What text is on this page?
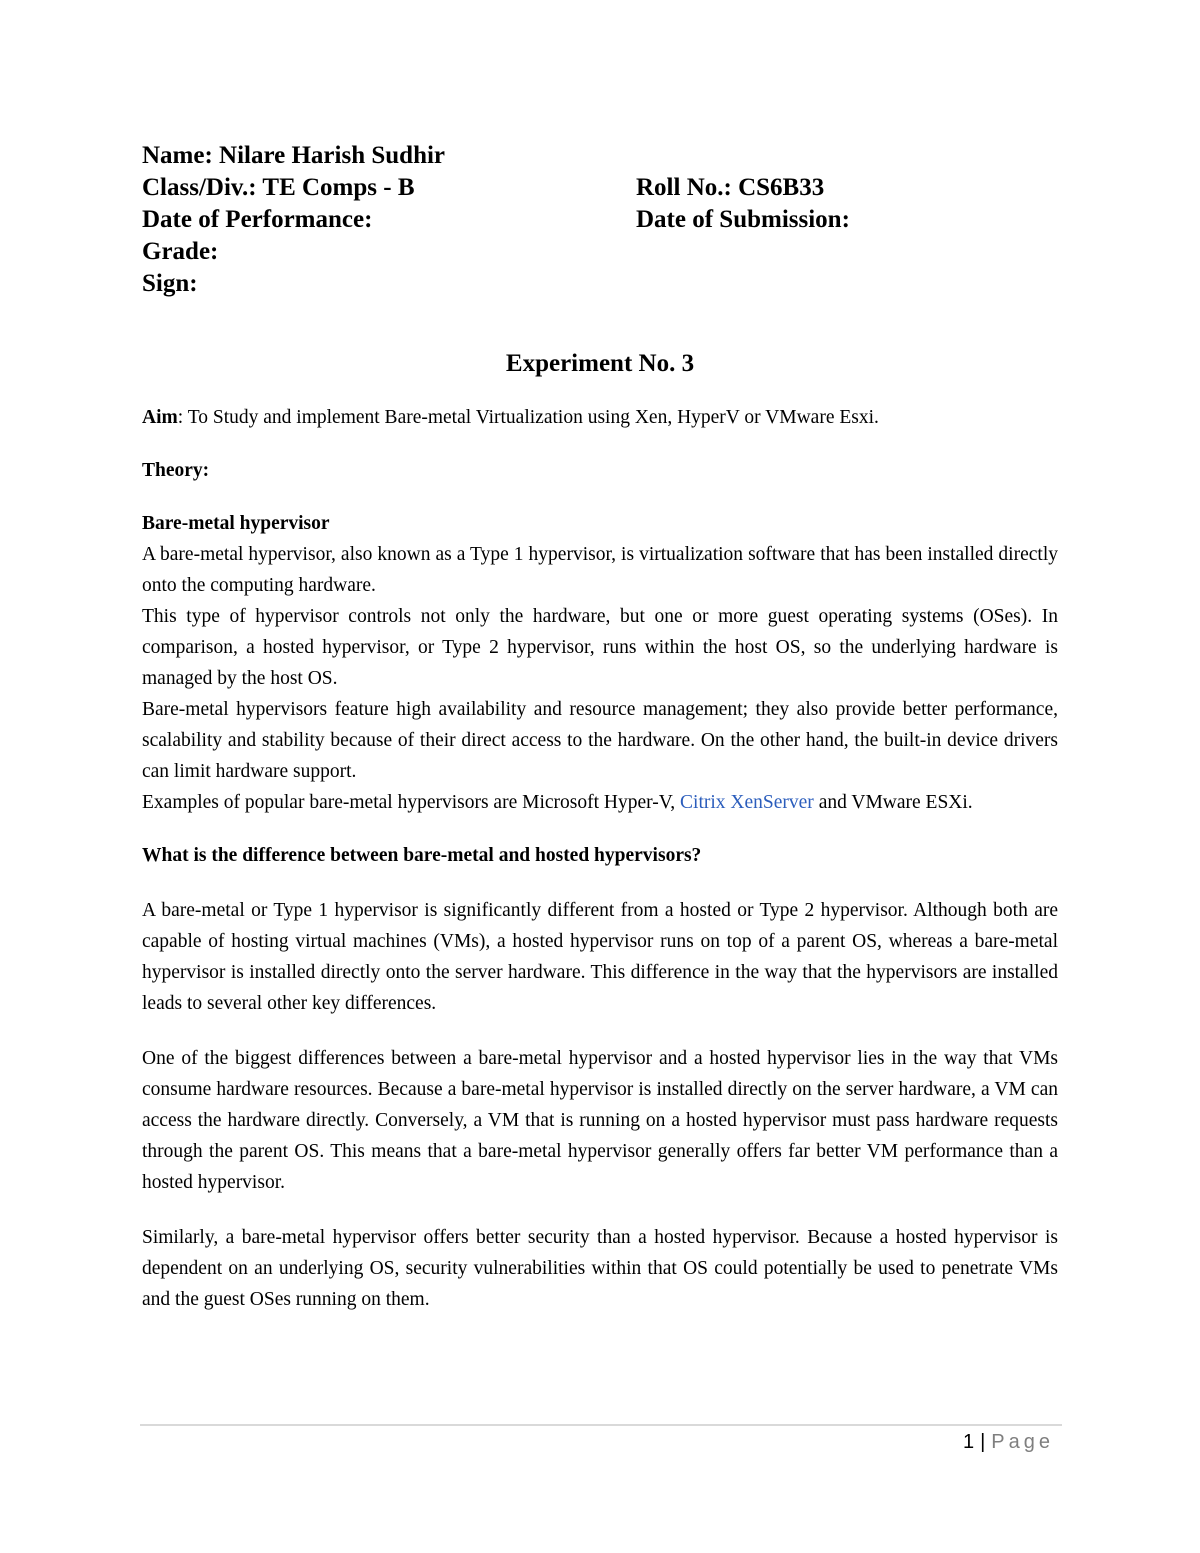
Name: Nilare Harish Sudhir
Class/Div.: TE Comps - B	Roll No.: CS6B33
Date of Performance:	Date of Submission:
Grade:
Sign:
Experiment No. 3
Aim: To Study and implement Bare-metal Virtualization using Xen, HyperV or VMware Esxi.
Theory:
Bare-metal hypervisor
A bare-metal hypervisor, also known as a Type 1 hypervisor, is virtualization software that has been installed directly onto the computing hardware.
This type of hypervisor controls not only the hardware, but one or more guest operating systems (OSes). In comparison, a hosted hypervisor, or Type 2 hypervisor, runs within the host OS, so the underlying hardware is managed by the host OS.
Bare-metal hypervisors feature high availability and resource management; they also provide better performance, scalability and stability because of their direct access to the hardware. On the other hand, the built-in device drivers can limit hardware support.
Examples of popular bare-metal hypervisors are Microsoft Hyper-V, Citrix XenServer and VMware ESXi.
What is the difference between bare-metal and hosted hypervisors?
A bare-metal or Type 1 hypervisor is significantly different from a hosted or Type 2 hypervisor. Although both are capable of hosting virtual machines (VMs), a hosted hypervisor runs on top of a parent OS, whereas a bare-metal hypervisor is installed directly onto the server hardware. This difference in the way that the hypervisors are installed leads to several other key differences.
One of the biggest differences between a bare-metal hypervisor and a hosted hypervisor lies in the way that VMs consume hardware resources. Because a bare-metal hypervisor is installed directly on the server hardware, a VM can access the hardware directly. Conversely, a VM that is running on a hosted hypervisor must pass hardware requests through the parent OS. This means that a bare-metal hypervisor generally offers far better VM performance than a hosted hypervisor.
Similarly, a bare-metal hypervisor offers better security than a hosted hypervisor. Because a hosted hypervisor is dependent on an underlying OS, security vulnerabilities within that OS could potentially be used to penetrate VMs and the guest OSes running on them.
1 | Page
